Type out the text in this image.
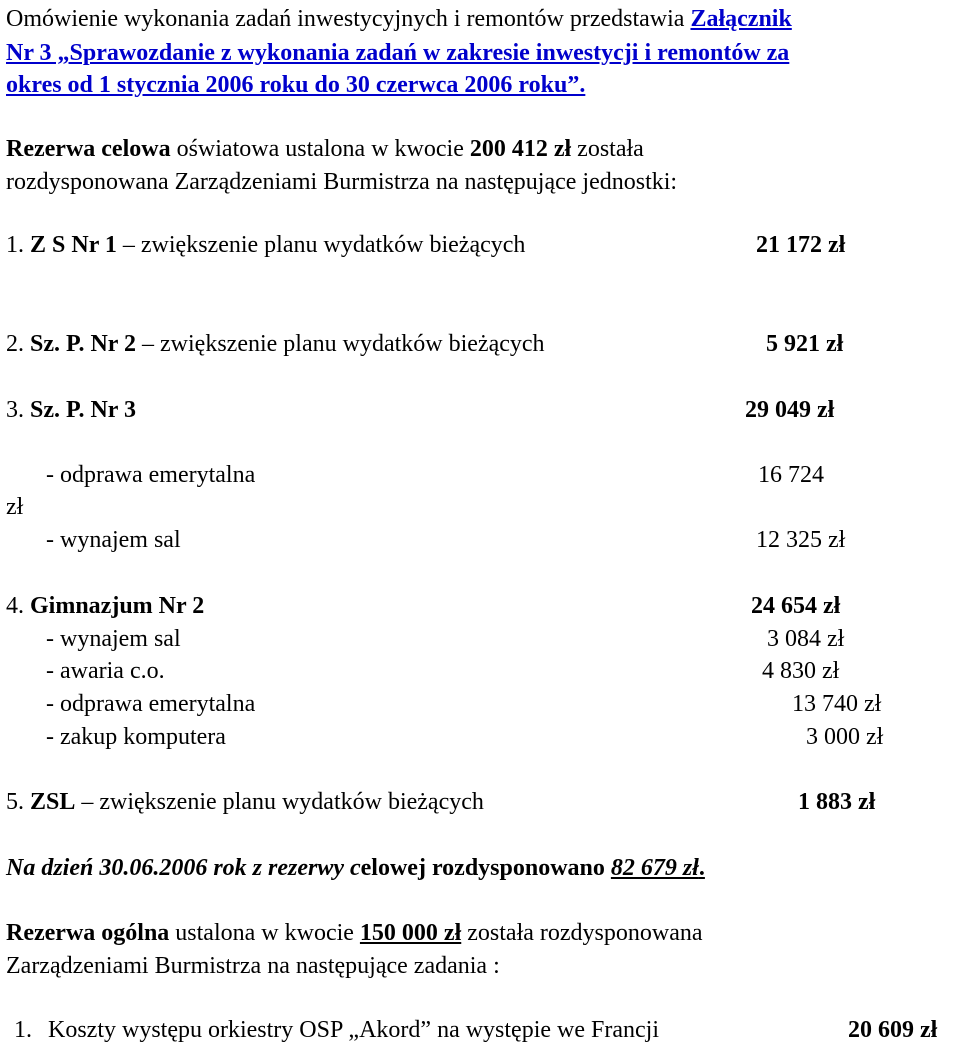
Omówienie wykonania zadań inwestycyjnych i remontów przedstawia Załącznik
Nr 3 „Sprawozdanie z wykonania zadań w zakresie inwestycji i remontów za
okres od 1 stycznia 2006 roku do 30 czerwca 2006 roku”.
Rezerwa celowa oświatowa ustalona w kwocie 200 412 zł została
rozdysponowana Zarządzeniami Burmistrza na następujące jednostki:
1. Z S Nr 1 – zwiększenie planu wydatków bieżących	21 172 zł
2. Sz. P. Nr 2 – zwiększenie planu wydatków bieżących	5 921 zł
3. Sz. P. Nr 3	29 049 zł
- odprawa emerytalna	16 724
zł
- wynajem sal	12 325 zł
4. Gimnazjum Nr 2	24 654 zł
- wynajem sal	3 084 zł
- awaria c.o.	4 830 zł
- odprawa emerytalna	13 740 zł
- zakup komputera	3 000 zł
5. ZSL – zwiększenie planu wydatków bieżących	1 883 zł
Na dzień 30.06.2006 rok z rezerwy celowej rozdysponowano 82 679 zł.
Rezerwa ogólna ustalona w kwocie 150 000 zł została rozdysponowana
Zarządzeniami Burmistrza na następujące zadania :
1. Koszty występu orkiestry OSP „Akord” na występie we Francji	20 609 zł
